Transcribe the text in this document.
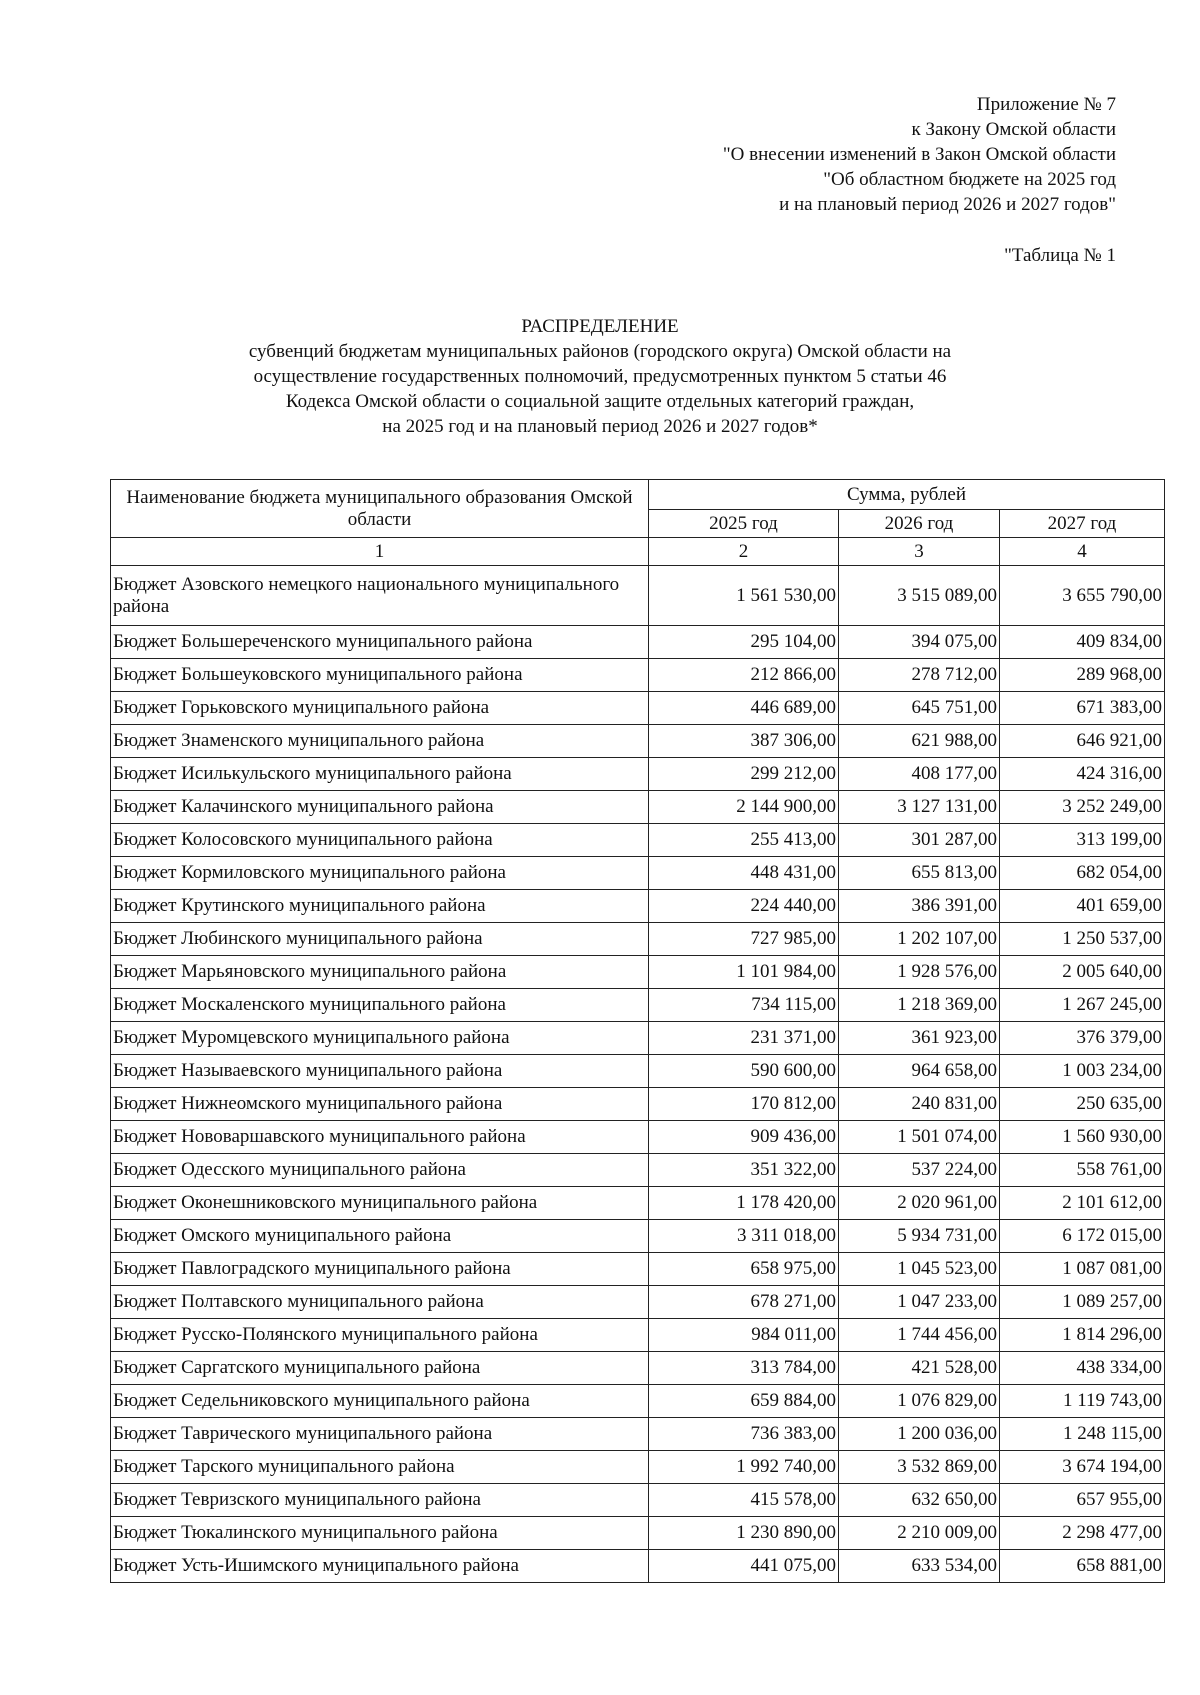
Приложение № 7
к Закону Омской области
"О внесении изменений в Закон Омской области
"Об областном бюджете на 2025 год
и на плановый период 2026 и 2027 годов"
"Таблица № 1
РАСПРЕДЕЛЕНИЕ
субвенций бюджетам муниципальных районов (городского округа) Омской области на
осуществление государственных полномочий, предусмотренных пунктом 5 статьи 46
Кодекса Омской области о социальной защите отдельных категорий граждан,
на 2025 год и на плановый период 2026 и 2027 годов*
Наименование бюджета муниципального образования Омской области	Сумма, рублей		
	2025 год	2026 год	2027 год
1	2	3	4
Бюджет Азовского немецкого национального муниципального района	1 561 530,00	3 515 089,00	3 655 790,00
Бюджет Большереченского муниципального района	295 104,00	394 075,00	409 834,00
Бюджет Большеуковского муниципального района	212 866,00	278 712,00	289 968,00
Бюджет Горьковского муниципального района	446 689,00	645 751,00	671 383,00
Бюджет Знаменского муниципального района	387 306,00	621 988,00	646 921,00
Бюджет Исилькульского муниципального района	299 212,00	408 177,00	424 316,00
Бюджет Калачинского муниципального района	2 144 900,00	3 127 131,00	3 252 249,00
Бюджет Колосовского муниципального района	255 413,00	301 287,00	313 199,00
Бюджет Кормиловского муниципального района	448 431,00	655 813,00	682 054,00
Бюджет Крутинского муниципального района	224 440,00	386 391,00	401 659,00
Бюджет Любинского муниципального района	727 985,00	1 202 107,00	1 250 537,00
Бюджет Марьяновского муниципального района	1 101 984,00	1 928 576,00	2 005 640,00
Бюджет Москаленского муниципального района	734 115,00	1 218 369,00	1 267 245,00
Бюджет Муромцевского муниципального района	231 371,00	361 923,00	376 379,00
Бюджет Называевского муниципального района	590 600,00	964 658,00	1 003 234,00
Бюджет Нижнеомского муниципального района	170 812,00	240 831,00	250 635,00
Бюджет Нововаршавского муниципального района	909 436,00	1 501 074,00	1 560 930,00
Бюджет Одесского муниципального района	351 322,00	537 224,00	558 761,00
Бюджет Оконешниковского муниципального района	1 178 420,00	2 020 961,00	2 101 612,00
Бюджет Омского муниципального района	3 311 018,00	5 934 731,00	6 172 015,00
Бюджет Павлоградского муниципального района	658 975,00	1 045 523,00	1 087 081,00
Бюджет Полтавского муниципального района	678 271,00	1 047 233,00	1 089 257,00
Бюджет Русско-Полянского муниципального района	984 011,00	1 744 456,00	1 814 296,00
Бюджет Саргатского муниципального района	313 784,00	421 528,00	438 334,00
Бюджет Седельниковского муниципального района	659 884,00	1 076 829,00	1 119 743,00
Бюджет Таврического муниципального района	736 383,00	1 200 036,00	1 248 115,00
Бюджет Тарского муниципального района	1 992 740,00	3 532 869,00	3 674 194,00
Бюджет Тевризского муниципального района	415 578,00	632 650,00	657 955,00
Бюджет Тюкалинского муниципального района	1 230 890,00	2 210 009,00	2 298 477,00
Бюджет Усть-Ишимского муниципального района	441 075,00	633 534,00	658 881,00
